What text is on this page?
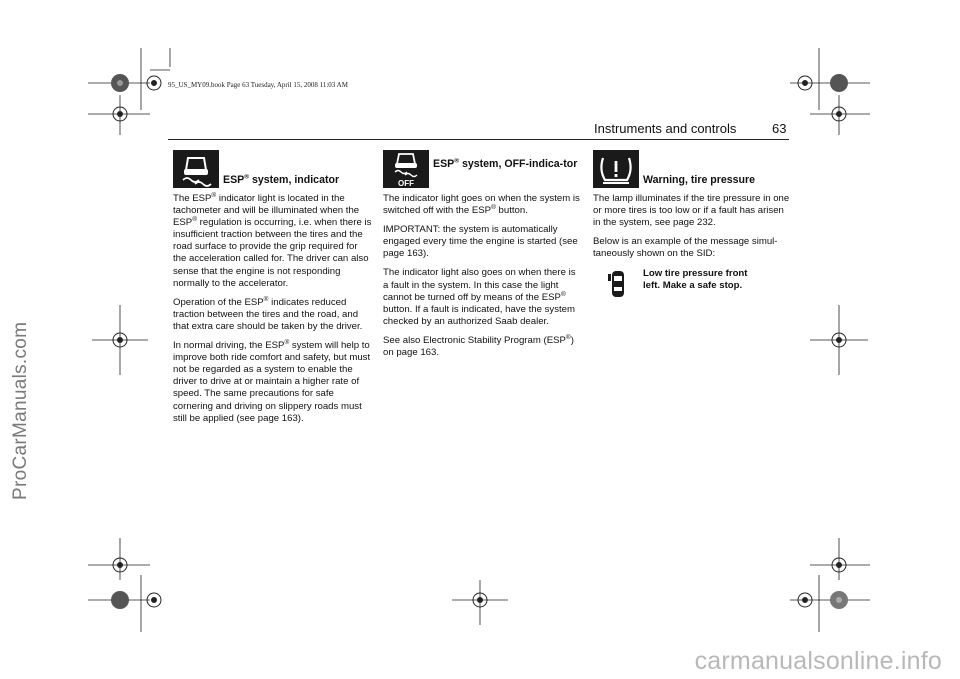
95_US_MY09.book Page 63 Tuesday, April 15, 2008 11:03 AM
Instruments and controls	63
ESP® system, indicator

The ESP® indicator light is located in the tachometer and will be illuminated when the ESP® regulation is occurring, i.e. when there is insufficient traction between the tires and the road surface to provide the grip required for the acceleration called for. The driver can also sense that the engine is not responding normally to the accelerator.

Operation of the ESP® indicates reduced traction between the tires and the road, and that extra care should be taken by the driver.

In normal driving, the ESP® system will help to improve both ride comfort and safety, but must not be regarded as a system to enable the driver to drive at or maintain a higher rate of speed. The same precautions for safe cornering and driving on slippery roads must still be applied (see page 163).

OFF
ESP® system, OFF-indica-tor

The indicator light goes on when the system is switched off with the ESP® button.

IMPORTANT: the system is automatically engaged every time the engine is started (see page 163).

The indicator light also goes on when there is a fault in the system. In this case the light cannot be turned off by means of the ESP® button. If a fault is indicated, have the system checked by an authorized Saab dealer.

See also Electronic Stability Program (ESP®) on page 163.

Warning, tire pressure

The lamp illuminates if the tire pressure in one or more tires is too low or if a fault has arisen in the system, see page 232.

Below is an example of the message simul-taneously shown on the SID:

Low tire pressure front
left. Make a safe stop.
ProCarManuals.com
carmanualsonline.info
